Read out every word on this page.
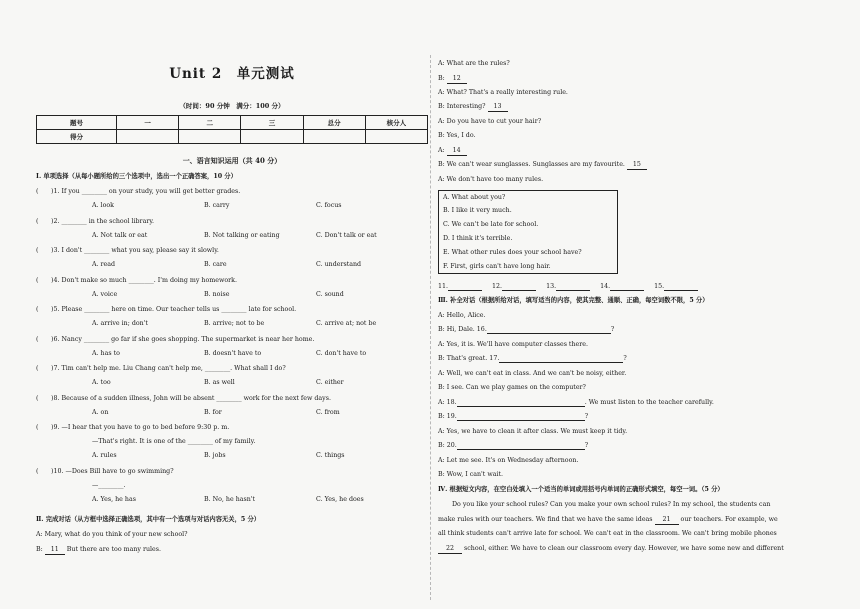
Unit 2　单元测试
（时间：90 分钟　满分：100 分）
题号	一	二	三	总分	核分人
得分					
一、语言知识运用（共 40 分）
Ⅰ. 单项选择（从每小题所给的三个选项中，选出一个正确答案，10 分）
(　　)1. If you ________ on your study, you will get better grades.
A. look	B. carry	C. focus
(　　)2. ________ in the school library.
A. Not talk or eat	B. Not talking or eating	C. Don't talk or eat
(　　)3. I don't ________ what you say, please say it slowly.
A. read	B. care	C. understand
(　　)4. Don't make so much ________. I'm doing my homework.
A. voice	B. noise	C. sound
(　　)5. Please ________ here on time. Our teacher tells us ________ late for school.
A. arrive in; don't	B. arrive; not to be	C. arrive at; not be
(　　)6. Nancy ________ go far if she goes shopping. The supermarket is near her home.
A. has to	B. doesn't have to	C. don't have to
(　　)7. Tim can't help me. Liu Chang can't help me, ________. What shall I do?
A. too	B. as well	C. either
(　　)8. Because of a sudden illness, John will be absent ________ work for the next few days.
A. on	B. for	C. from
(　　)9. —I hear that you have to go to bed before 9:30 p. m.
—That's right. It is one of the ________ of my family.
A. rules	B. jobs	C. things
(　　)10. —Does Bill have to go swimming?
—________.
A. Yes, he has	B. No, he hasn't	C. Yes, he does
Ⅱ. 完成对话（从方框中选择正确选项，其中有一个选项与对话内容无关，5 分）
A: Mary, what do you think of your new school?
B: 11 But there are too many rules.
A: What are the rules?
B: 12
A: What? That's a really interesting rule.
B: Interesting? 13
A: Do you have to cut your hair?
B: Yes, I do.
A: 14
B: We can't wear sunglasses. Sunglasses are my favourite. 15
A: We don't have too many rules.
A. What about you?
B. I like it very much.
C. We can't be late for school.
D. I think it's terrible.
E. What other rules does your school have?
F. First, girls can't have long hair.
11.	12.	13.	14.	15.
Ⅲ. 补全对话（根据所给对话，填写适当的内容，使其完整、通顺、正确，每空词数不限，5 分）
A: Hello, Alice.
B: Hi, Dale. 16.	?
A: Yes, it is. We'll have computer classes there.
B: That's great. 17.	?
A: Well, we can't eat in class. And we can't be noisy, either.
B: I see. Can we play games on the computer?
A: 18.	. We must listen to the teacher carefully.
B: 19.	?
A: Yes, we have to clean it after class. We must keep it tidy.
B: 20.	?
A: Let me see. It's on Wednesday afternoon.
B: Wow, I can't wait.
Ⅳ. 根据短文内容，在空白处填入一个适当的单词或用括号内单词的正确形式填空，每空一词。（5 分）
Do you like your school rules? Can you make your own school rules? In my school, the students can
make rules with our teachers. We find that we have the same ideas 21 our teachers. For example, we
all think students can't arrive late for school. We can't eat in the classroom. We can't bring mobile phones
22 school, either. We have to clean our classroom every day. However, we have some new and different
